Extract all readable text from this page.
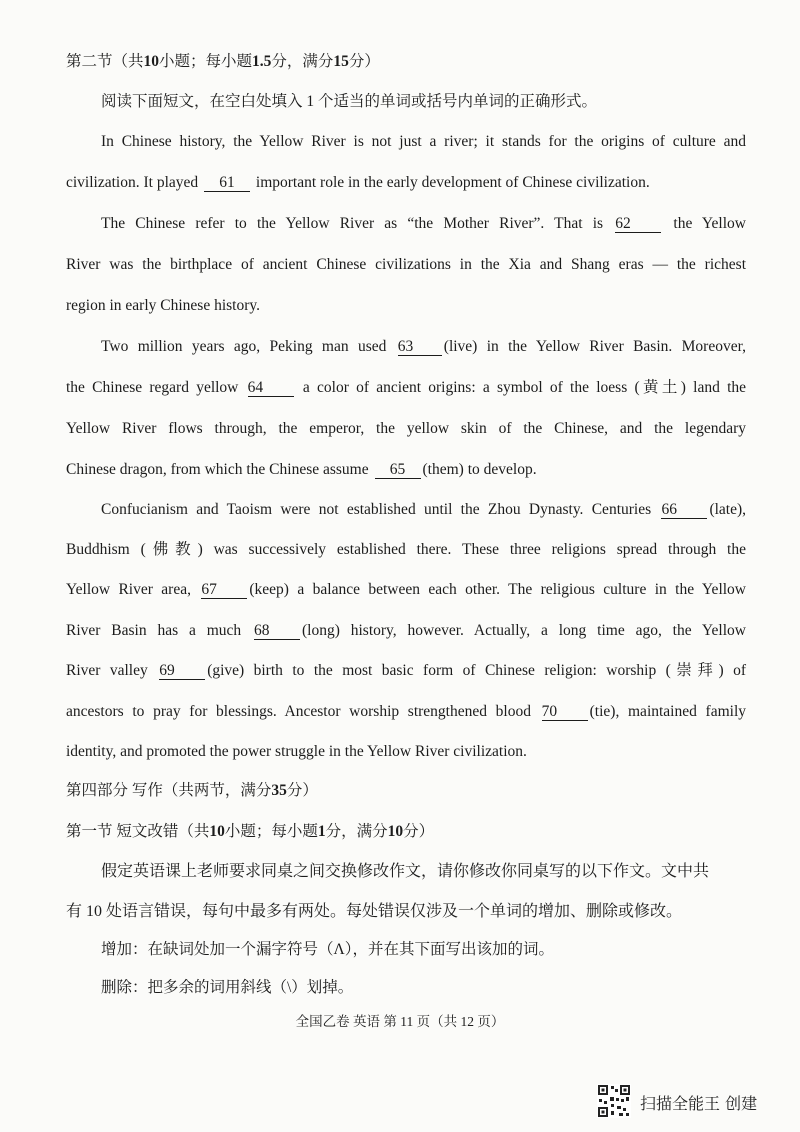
第二节（共10小题；每小题1.5分，满分15分）
阅读下面短文，在空白处填入 1 个适当的单词或括号内单词的正确形式。
In Chinese history, the Yellow River is not just a river; it stands for the origins of culture and
civilization. It played 61 important role in the early development of Chinese civilization.
The Chinese refer to the Yellow River as “the Mother River”. That is 62	the Yellow
River was the birthplace of ancient Chinese civilizations in the Xia and Shang eras — the richest
region in early Chinese history.
Two million years ago, Peking man used 63 (live) in the Yellow River Basin. Moreover,
the Chinese regard yellow 64	a color of ancient origins: a symbol of the loess (黄土) land the
Yellow River flows through, the emperor, the yellow skin of the Chinese, and the legendary
Chinese dragon, from which the Chinese assume 65 (them) to develop.
Confucianism and Taoism were not established until the Zhou Dynasty. Centuries 66 (late),
Buddhism (佛教) was successively established there. These three religions spread through the
Yellow River area, 67 (keep) a balance between each other. The religious culture in the Yellow
River Basin has a much 68 (long) history, however. Actually, a long time ago, the Yellow
River valley 69 (give) birth to the most basic form of Chinese religion: worship (崇拜) of
ancestors to pray for blessings. Ancestor worship strengthened blood 70 (tie), maintained family
identity, and promoted the power struggle in the Yellow River civilization.
第四部分 写作（共两节，满分35分）
第一节 短文改错（共10小题；每小题1分，满分10分）
假定英语课上老师要求同桌之间交换修改作文，请你修改你同桌写的以下作文。文中共
有 10 处语言错误，每句中最多有两处。每处错误仅涉及一个单词的增加、删除或修改。
增加：在缺词处加一个漏字符号（Λ），并在其下面写出该加的词。
删除：把多余的词用斜线（\）划掉。
全国乙卷 英语 第 11 页（共 12 页）
扫描全能王 创建
